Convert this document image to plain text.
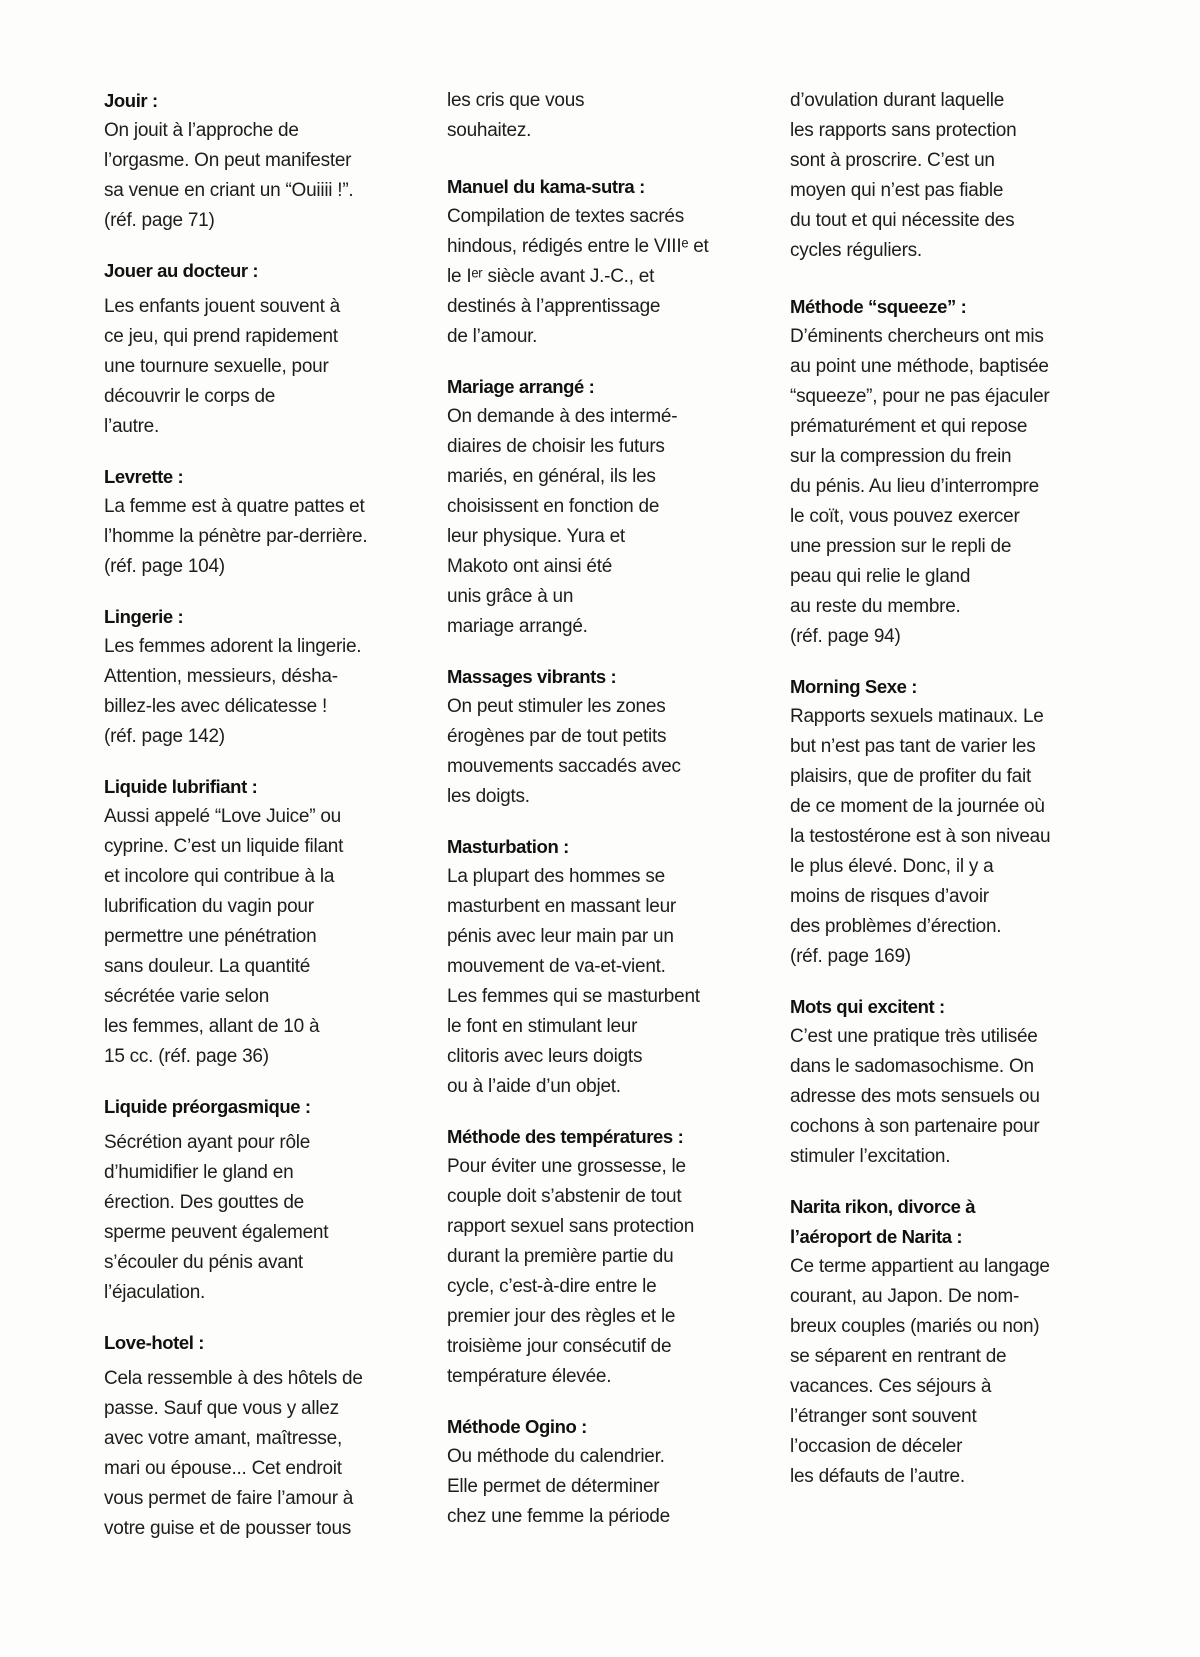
Jouir :
On jouit à l’approche de
l’orgasme. On peut manifester
sa venue en criant un “Ouiiii !”.
(réf. page 71)
Jouer au docteur :
Les enfants jouent souvent à
ce jeu, qui prend rapidement
une tournure sexuelle, pour
découvrir le corps de
l’autre.
Levrette :
La femme est à quatre pattes et
l’homme la pénètre par-derrière.
(réf. page 104)
Lingerie :
Les femmes adorent la lingerie.
Attention, messieurs, désha-
billez-les avec délicatesse !
(réf. page 142)
Liquide lubrifiant :
Aussi appelé “Love Juice” ou
cyprine. C’est un liquide filant
et incolore qui contribue à la
lubrification du vagin pour
permettre une pénétration
sans douleur. La quantité
sécrétée varie selon
les femmes, allant de 10 à
15 cc. (réf. page 36)
Liquide préorgasmique :
Sécrétion ayant pour rôle
d’humidifier le gland en
érection. Des gouttes de
sperme peuvent également
s’écouler du pénis avant
l’éjaculation.
Love-hotel :
Cela ressemble à des hôtels de
passe. Sauf que vous y allez
avec votre amant, maîtresse,
mari ou épouse... Cet endroit
vous permet de faire l’amour à
votre guise et de pousser tous
les cris que vous
souhaitez.
Manuel du kama-sutra :
Compilation de textes sacrés
hindous, rédigés entre le VIIIᵉ et
le Iᵉʳ siècle avant J.-C., et
destinés à l’apprentissage
de l’amour.
Mariage arrangé :
On demande à des intermé-
diaires de choisir les futurs
mariés, en général, ils les
choisissent en fonction de
leur physique. Yura et
Makoto ont ainsi été
unis grâce à un
mariage arrangé.
Massages vibrants :
On peut stimuler les zones
érogènes par de tout petits
mouvements saccadés avec
les doigts.
Masturbation :
La plupart des hommes se
masturbent en massant leur
pénis avec leur main par un
mouvement de va-et-vient.
Les femmes qui se masturbent
le font en stimulant leur
clitoris avec leurs doigts
ou à l’aide d’un objet.
Méthode des températures :
Pour éviter une grossesse, le
couple doit s’abstenir de tout
rapport sexuel sans protection
durant la première partie du
cycle, c’est-à-dire entre le
premier jour des règles et le
troisième jour consécutif de
température élevée.
Méthode Ogino :
Ou méthode du calendrier.
Elle permet de déterminer
chez une femme la période
d’ovulation durant laquelle
les rapports sans protection
sont à proscrire. C’est un
moyen qui n’est pas fiable
du tout et qui nécessite des
cycles réguliers.
Méthode “squeeze” :
D’éminents chercheurs ont mis
au point une méthode, baptisée
“squeeze”, pour ne pas éjaculer
prématurément et qui repose
sur la compression du frein
du pénis. Au lieu d’interrompre
le coït, vous pouvez exercer
une pression sur le repli de
peau qui relie le gland
au reste du membre.
(réf. page 94)
Morning Sexe :
Rapports sexuels matinaux. Le
but n’est pas tant de varier les
plaisirs, que de profiter du fait
de ce moment de la journée où
la testostérone est à son niveau
le plus élevé. Donc, il y a
moins de risques d’avoir
des problèmes d’érection.
(réf. page 169)
Mots qui excitent :
C’est une pratique très utilisée
dans le sadomasochisme. On
adresse des mots sensuels ou
cochons à son partenaire pour
stimuler l’excitation.
Narita rikon, divorce à
l’aéroport de Narita :
Ce terme appartient au langage
courant, au Japon. De nom-
breux couples (mariés ou non)
se séparent en rentrant de
vacances. Ces séjours à
l’étranger sont souvent
l’occasion de déceler
les défauts de l’autre.
